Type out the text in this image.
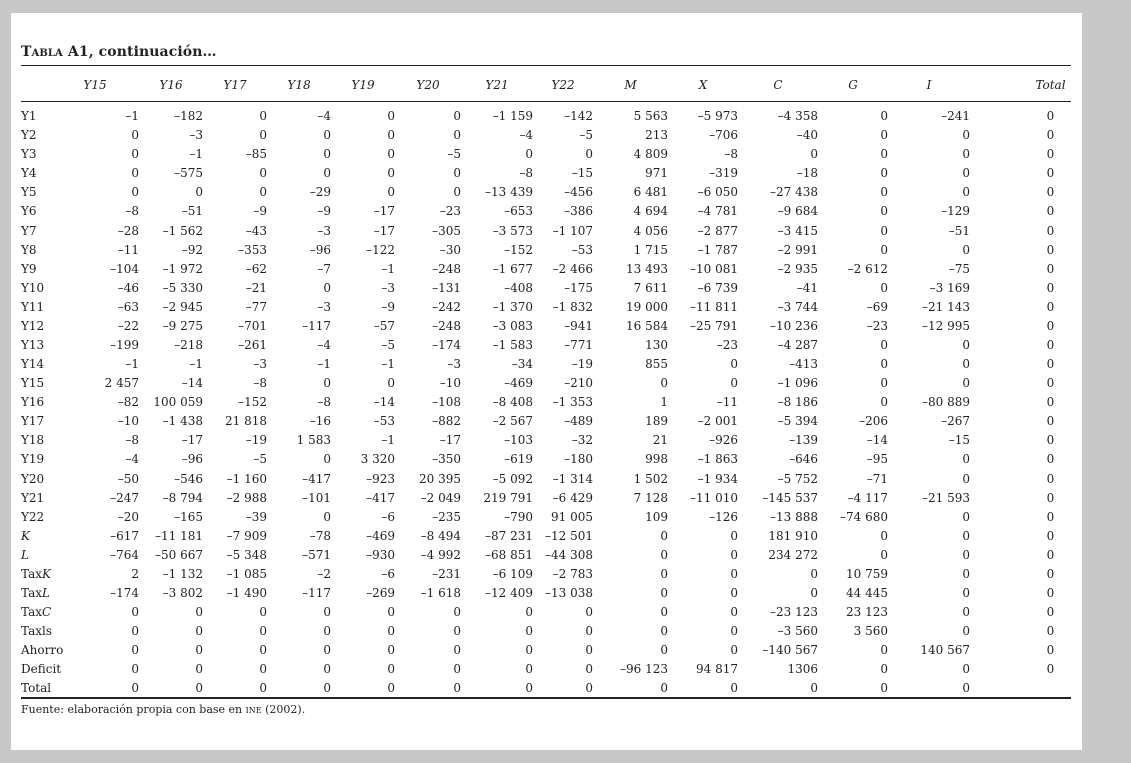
Tabla A1, continuación…
	Y15	Y16	Y17	Y18	Y19	Y20	Y21	Y22	M	X	C	G	I	Total	

Y1	–1	–182	0	–4	0	0	–1 159	–142	5 563	–5 973	–4 358	0	–241	0	
Y2	0	–3	0	0	0	0	–4	–5	213	–706	–40	0	0	0	
Y3	0	–1	–85	0	0	–5	0	0	4 809	–8	0	0	0	0	
Y4	0	–575	0	0	0	0	–8	–15	971	–319	–18	0	0	0	
Y5	0	0	0	–29	0	0	–13 439	–456	6 481	–6 050	–27 438	0	0	0	
Y6	–8	–51	–9	–9	–17	–23	–653	–386	4 694	–4 781	–9 684	0	–129	0	
Y7	–28	–1 562	–43	–3	–17	–305	–3 573	–1 107	4 056	–2 877	–3 415	0	–51	0	
Y8	–11	–92	–353	–96	–122	–30	–152	–53	1 715	–1 787	–2 991	0	0	0	
Y9	–104	–1 972	–62	–7	–1	–248	–1 677	–2 466	13 493	–10 081	–2 935	–2 612	–75	0	
Y10	–46	–5 330	–21	0	–3	–131	–408	–175	7 611	–6 739	–41	0	–3 169	0	
Y11	–63	–2 945	–77	–3	–9	–242	–1 370	–1 832	19 000	–11 811	–3 744	–69	–21 143	0	
Y12	–22	–9 275	–701	–117	–57	–248	–3 083	–941	16 584	–25 791	–10 236	–23	–12 995	0	
Y13	–199	–218	–261	–4	–5	–174	–1 583	–771	130	–23	–4 287	0	0	0	
Y14	–1	–1	–3	–1	–1	–3	–34	–19	855	0	–413	0	0	0	
Y15	2 457	–14	–8	0	0	–10	–469	–210	0	0	–1 096	0	0	0	
Y16	–82	100 059	–152	–8	–14	–108	–8 408	–1 353	1	–11	–8 186	0	–80 889	0	
Y17	–10	–1 438	21 818	–16	–53	–882	–2 567	–489	189	–2 001	–5 394	–206	–267	0	
Y18	–8	–17	–19	1 583	–1	–17	–103	–32	21	–926	–139	–14	–15	0	
Y19	–4	–96	–5	0	3 320	–350	–619	–180	998	–1 863	–646	–95	0	0	
Y20	–50	–546	–1 160	–417	–923	20 395	–5 092	–1 314	1 502	–1 934	–5 752	–71	0	0	
Y21	–247	–8 794	–2 988	–101	–417	–2 049	219 791	–6 429	7 128	–11 010	–145 537	–4 117	–21 593	0	
Y22	–20	–165	–39	0	–6	–235	–790	91 005	109	–126	–13 888	–74 680	0	0	
K	–617	–11 181	–7 909	–78	–469	–8 494	–87 231	–12 501	0	0	181 910	0	0	0	
L	–764	–50 667	–5 348	–571	–930	–4 992	–68 851	–44 308	0	0	234 272	0	0	0	
TaxK	2	–1 132	–1 085	–2	–6	–231	–6 109	–2 783	0	0	0	10 759	0	0	
TaxL	–174	–3 802	–1 490	–117	–269	–1 618	–12 409	–13 038	0	0	0	44 445	0	0	
TaxC	0	0	0	0	0	0	0	0	0	0	–23 123	23 123	0	0	
Taxls	0	0	0	0	0	0	0	0	0	0	–3 560	3 560	0	0	
Ahorro	0	0	0	0	0	0	0	0	0	0	–140 567	0	140 567	0	
Deficit	0	0	0	0	0	0	0	0	–96 123	94 817	1306	0	0	0	
Total	0	0	0	0	0	0	0	0	0	0	0	0	0		
Fuente: elaboración propia con base en ine (2002).
